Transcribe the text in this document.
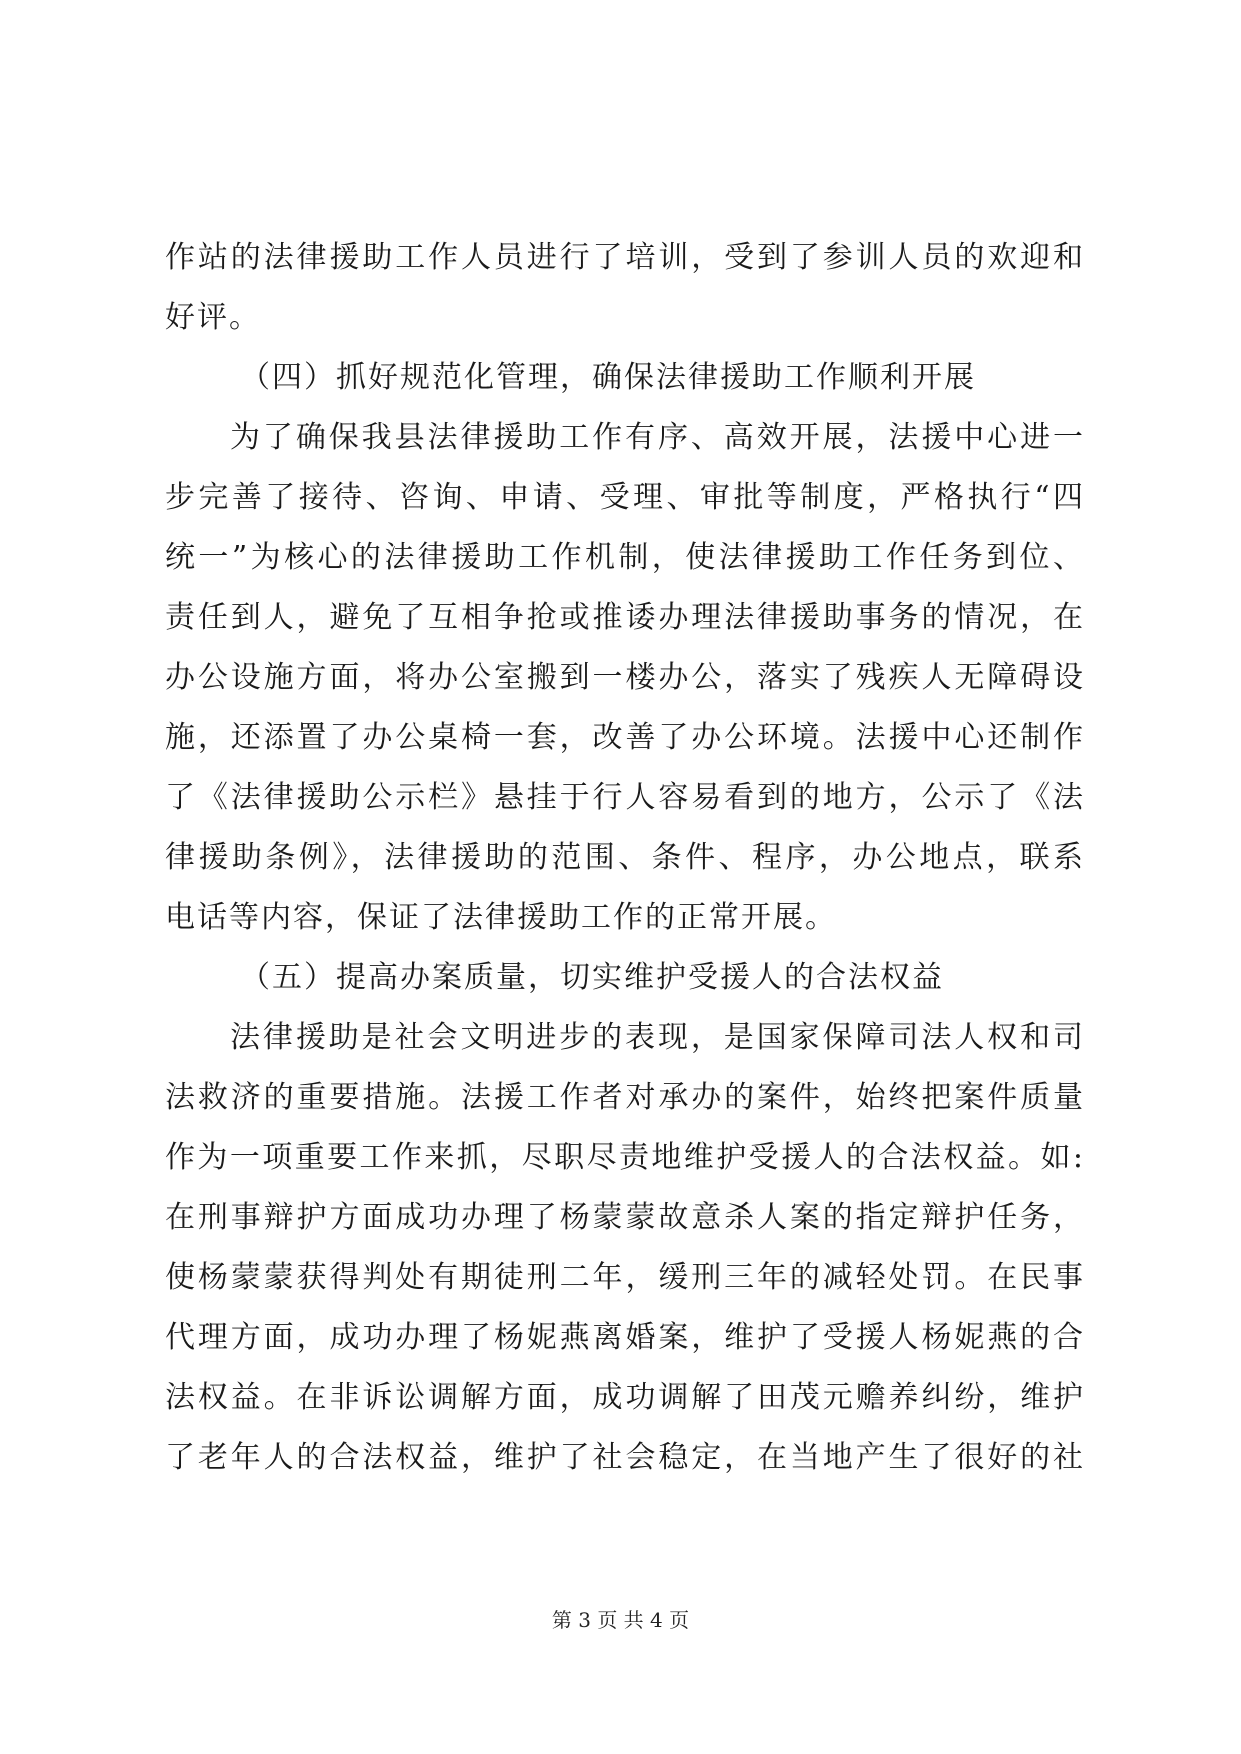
作站的法律援助工作人员进行了培训，受到了参训人员的欢迎和
好评。
（四）抓好规范化管理，确保法律援助工作顺利开展
为了确保我县法律援助工作有序、高效开展，法援中心进一
步完善了接待、咨询、申请、受理、审批等制度，严格执行“四
统一”为核心的法律援助工作机制，使法律援助工作任务到位、
责任到人，避免了互相争抢或推诿办理法律援助事务的情况，在
办公设施方面，将办公室搬到一楼办公，落实了残疾人无障碍设
施，还添置了办公桌椅一套，改善了办公环境。法援中心还制作
了《法律援助公示栏》悬挂于行人容易看到的地方，公示了《法
律援助条例》，法律援助的范围、条件、程序，办公地点，联系
电话等内容，保证了法律援助工作的正常开展。
（五）提高办案质量，切实维护受援人的合法权益
法律援助是社会文明进步的表现，是国家保障司法人权和司
法救济的重要措施。法援工作者对承办的案件，始终把案件质量
作为一项重要工作来抓，尽职尽责地维护受援人的合法权益。如:
在刑事辩护方面成功办理了杨蒙蒙故意杀人案的指定辩护任务，
使杨蒙蒙获得判处有期徒刑二年，缓刑三年的减轻处罚。在民事
代理方面，成功办理了杨妮燕离婚案，维护了受援人杨妮燕的合
法权益。在非诉讼调解方面，成功调解了田茂元赡养纠纷，维护
了老年人的合法权益，维护了社会稳定，在当地产生了很好的社
第 3 页 共 4 页
